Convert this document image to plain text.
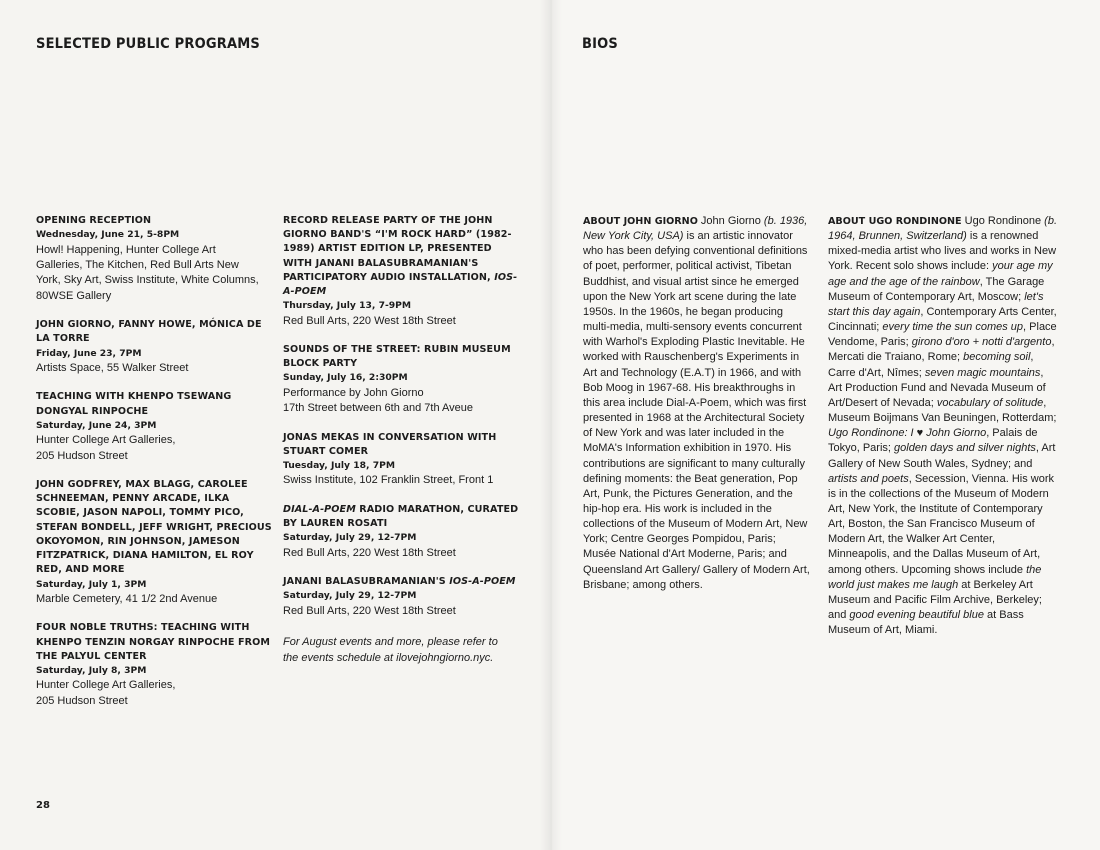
SELECTED PUBLIC PROGRAMS
OPENING RECEPTION
Wednesday, June 21, 5-8PM
Howl! Happening, Hunter College Art
Galleries, The Kitchen, Red Bull Arts New
York, Sky Art, Swiss Institute, White Columns,
80WSE Gallery
JOHN GIORNO, FANNY HOWE, MÓNICA DE LA TORRE
Friday, June 23, 7PM
Artists Space, 55 Walker Street
TEACHING WITH KHENPO TSEWANG DONGYAL RINPOCHE
Saturday, June 24, 3PM
Hunter College Art Galleries,
205 Hudson Street
JOHN GODFREY, MAX BLAGG, CAROLEE SCHNEEMAN, PENNY ARCADE, ILKA SCOBIE, JASON NAPOLI, TOMMY PICO, STEFAN BONDELL, JEFF WRIGHT, PRECIOUS OKOYOMON, RIN JOHNSON, JAMESON FITZPATRICK, DIANA HAMILTON, EL ROY RED, AND MORE
Saturday, July 1, 3PM
Marble Cemetery, 41 1/2 2nd Avenue
FOUR NOBLE TRUTHS: TEACHING WITH KHENPO TENZIN NORGAY RINPOCHE FROM THE PALYUL CENTER
Saturday, July 8, 3PM
Hunter College Art Galleries,
205 Hudson Street
RECORD RELEASE PARTY OF THE JOHN GIORNO BAND'S “I'M ROCK HARD” (1982-1989) ARTIST EDITION LP, PRESENTED WITH JANANI BALASUBRAMANIAN'S PARTICIPATORY AUDIO INSTALLATION, IOS-A-POEM
Thursday, July 13, 7-9PM
Red Bull Arts, 220 West 18th Street
SOUNDS OF THE STREET: RUBIN MUSEUM BLOCK PARTY
Sunday, July 16, 2:30PM
Performance by John Giorno
17th Street between 6th and 7th Aveue
JONAS MEKAS IN CONVERSATION WITH STUART COMER
Tuesday, July 18, 7PM
Swiss Institute, 102 Franklin Street, Front 1
DIAL-A-POEM RADIO MARATHON, CURATED BY LAUREN ROSATI
Saturday, July 29, 12-7PM
Red Bull Arts, 220 West 18th Street
JANANI BALASUBRAMANIAN'S IOS-A-POEM
Saturday, July 29, 12-7PM
Red Bull Arts, 220 West 18th Street
For August events and more, please refer to
the events schedule at ilovejohngiorno.nyc.
28
BIOS
ABOUT JOHN GIORNO John Giorno (b. 1936, New York City, USA) is an artistic innovator who has been defying conventional definitions of poet, performer, political activist, Tibetan Buddhist, and visual artist since he emerged upon the New York art scene during the late 1950s. In the 1960s, he began producing multi-media, multi-sensory events concurrent with Warhol's Exploding Plastic Inevitable. He worked with Rauschenberg's Experiments in Art and Technology (E.A.T) in 1966, and with Bob Moog in 1967-68. His breakthroughs in this area include Dial-A-Poem, which was first presented in 1968 at the Architectural Society of New York and was later included in the MoMA's Information exhibition in 1970. His contributions are significant to many culturally defining moments: the Beat generation, Pop Art, Punk, the Pictures Generation, and the hip-hop era. His work is included in the collections of the Museum of Modern Art, New York; Centre Georges Pompidou, Paris; Musée National d'Art Moderne, Paris; and Queensland Art Gallery/ Gallery of Modern Art, Brisbane; among others.
ABOUT UGO RONDINONE Ugo Rondinone (b. 1964, Brunnen, Switzerland) is a renowned mixed-media artist who lives and works in New York. Recent solo shows include: your age my age and the age of the rainbow, The Garage Museum of Contemporary Art, Moscow; let's start this day again, Contemporary Arts Center, Cincinnati; every time the sun comes up, Place Vendome, Paris; girono d'oro + notti d'argento, Mercati die Traiano, Rome; becoming soil, Carre d'Art, Nîmes; seven magic mountains, Art Production Fund and Nevada Museum of Art/Desert of Nevada; vocabulary of solitude, Museum Boijmans Van Beuningen, Rotterdam; Ugo Rondinone: I ♥ John Giorno, Palais de Tokyo, Paris; golden days and silver nights, Art Gallery of New South Wales, Sydney; and artists and poets, Secession, Vienna. His work is in the collections of the Museum of Modern Art, New York, the Institute of Contemporary Art, Boston, the San Francisco Museum of Modern Art, the Walker Art Center, Minneapolis, and the Dallas Museum of Art, among others. Upcoming shows include the world just makes me laugh at Berkeley Art Museum and Pacific Film Archive, Berkeley; and good evening beautiful blue at Bass Museum of Art, Miami.
